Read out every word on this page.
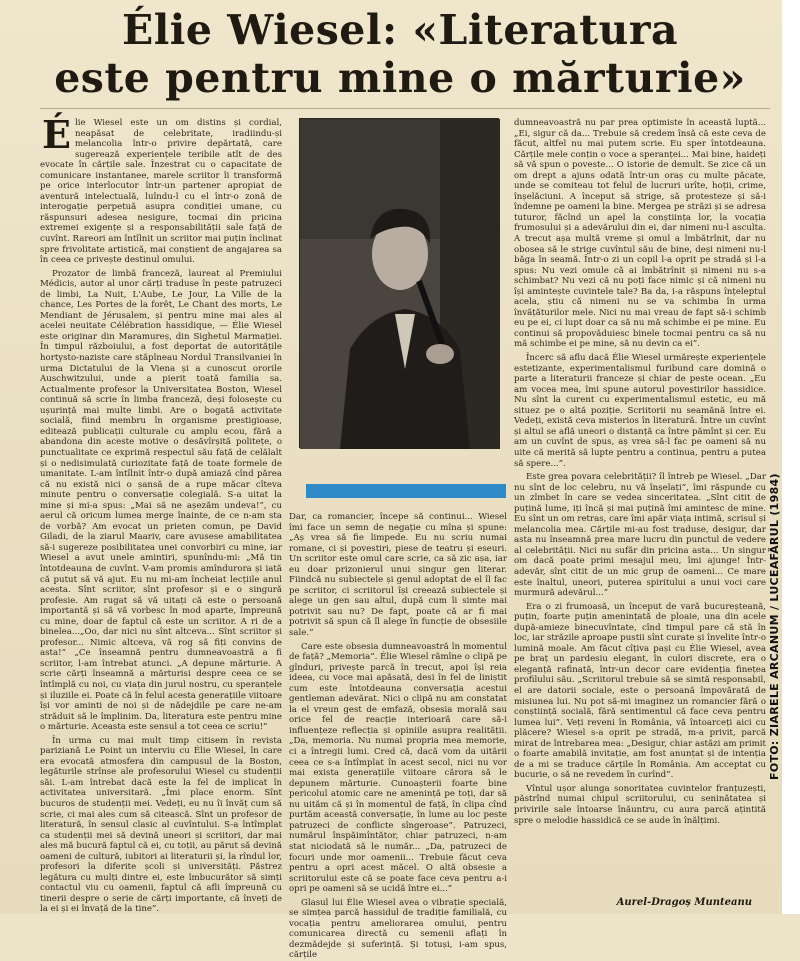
Élie Wiesel: «Literatura
este pentru mine o mărturie»

Élie Wiesel este un om distins și cordial, neapăsat de celebritate, iradiindu-și melancolia într-o privire depărtată, care sugerează experiențele teribile atît de des evocate în cărțile sale. Înzestrat cu o capacitate de comunicare instantanee, marele scriitor îi transformă pe orice interlocutor într-un partener apropiat de aventură intelectuală, luîndu-l cu el într-o zonă de interogație perpetuă asupra condiției umane, cu răspunsuri adesea nesigure, tocmai din pricina extremei exigențe și a responsabilității sale față de cuvînt. Rareori am întîlnit un scriitor mai puțin înclinat spre frivolitate artistică, mai conștient de angajarea sa în ceea ce privește destinul omului.

Prozator de limbă franceză, laureat al Premiului Médicis, autor al unor cărți traduse în peste patruzeci de limbi, La Nuit, L'Aube, Le Jour, La Ville de la chance, Les Portes de la forêt, Le Chant des morts, Le Mendiant de Jérusalem, și pentru mine mai ales al acelei neuitate Célébration hassidique, — Élie Wiesel este originar din Maramureș, din Sighetul Marmației. În timpul războiului, a fost deportat de autoritățile hortysto-naziste care stăpîneau Nordul Transilvaniei în urma Dictatului de la Viena și a cunoscut ororile Auschwitzului, unde a pierit toată familia sa. Actualmente profesor la Universitatea Boston, Wiesel continuă să scrie în limba franceză, deși folosește cu ușurință mai multe limbi. Are o bogată activitate socială, fiind membru în organisme prestigioase, editează publicații culturale cu amplu ecou, fără a abandona din aceste motive o desăvîrșită politețe, o punctualitate ce exprimă respectul său față de celălalt și o nedisimulată curiozitate față de toate formele de umanitate. L-am întîlnit într-o după amiază cînd părea că nu există nici o șansă de a rupe măcar cîteva minute pentru o conversație colegială. S-a uitat la mine și mi-a spus: „Mai să ne așezăm undeva!”, cu aerul că oricum lumea merge înainte, de ce n-am sta de vorbă? Am evocat un prieten comun, pe David Giladi, de la ziarul Maariv, care avusese amabilitatea să-i sugereze posibilitatea unei convorbiri cu mine, iar Wiesel a avut unele amintiri, spunîndu-mi: „Mă tin întotdeauna de cuvînt. V-am promis amîndurora și iată că putut să vă ajut. Eu nu mi-am încheiat lecțiile anul acesta. Sînt scriitor, sînt profesor și e o singură profesie. Am rugat să vă uitați că este o persoană importantă și să vă vorbesc în mod aparte, împreună cu mine, doar de faptul că este un scriitor. A ri de a bineleа...„Oo, dar nici nu sînt altceva... Sînt scriitor și profesor... Nimic altceva, vă rog să fiți convins de asta!” „Ce înseamnă pentru dumneavoastră a fi scriitor, l-am întrebat atunci. „A depune mărturie. A scrie cărți înseamnă a mărturisi despre ceea ce se întîmplă cu noi, cu viața din jurul nostru, cu speranțele și iluziile ei. Poate că în felul acesta generațiile viitoare își vor aminti de noi și de nădejdile pe care ne-am străduit să le împlinim. Da, literatura este pentru mine o mărturie. Aceasta este sensul a tot ceea ce scriu!”

În urma cu mai mult timp citisem în revista pariziană Le Point un interviu cu Élie Wiesel, în care era evocată atmosfera din campusul de la Boston, legăturile strînse ale profesorului Wiesel cu studenții săi. L-am întrebat dacă este la fel de implicat în activitatea universitară. „Îmi place enorm. Sînt bucuros de studenții mei. Vedeți, eu nu îi învăț cum să scrie, ci mai ales cum să citească. Sînt un profesor de literatură, în sensul clasic al cuvîntului. S-a întîmplat ca studenții mei să devină uneori și scriitori, dar mai ales mă bucură faptul că ei, cu toții, au părut să devină oameni de cultură, iubitori ai literaturii și, la rîndul lor, profesori la diferite școli și universități. Păstrez legătura cu mulți dintre ei, este îmbucurător să simți contactul viu cu oamenii, faptul că afli împreună cu tinerii despre o serie de cărți importante, că înveți de la ei și ei învață de la tine”.

Dar, ca romancier, începe să continui... Wiesel îmi face un semn de negație cu mîna și spune: „Aș vrea să fie limpede. Eu nu scriu numai romane, ci și povestiri, piese de teatru și eseuri. Un scriitor este omul care scrie, ca să zic așa, iar eu doar prizonierul unui singur gen literar. Fiindcă nu subiectele și genul adoptat de el îl fac pe scriitor, ci scriitorul își creează subiectele și alege un gen sau altul, după cum îi simte mai potrivit sau nu? De fapt, poate că ar fi mai potrivit să spun că îl alege în funcție de obsesiile sale.”

Care este obsesia dumneavoastră în momentul de față? „Memoria”. Élie Wiesel rămîne o clipă pe gînduri, privește parcă în trecut, apoi își reia ideea, cu voce mai apăsată, desi în fel de liniștit cum este întotdeauna conversația acestui gentleman adevărat. Nici o clipă nu am constatat la el vreun gest de emfază, obsesia morală sau orice fel de reacție interioară care să-i influențeze reflecția și opiniile asupra realității. „Da, memoria. Nu numai propria mea memorie, ci a întregii lumi. Cred că, dacă vom da uitării ceea ce s-a întîmplat în acest secol, nici nu vor mai exista generațiile viitoare cărora să le depunem mărturie. Cunoașterii foarte bine pericolul atomic care ne amenință pe toți, dar să nu uităm că și în momentul de față, în clipa cînd purtăm această conversație, în lume au loc peste patruzeci de conflicte sîngeroase”. Patruzeci, numărul înspăimîntător, chiar patruzeci, n-am stat niciodată să le număr... „Da, patruzeci de focuri unde mor oamenii... Trebuie făcut ceva pentru a opri acest măcel. O altă obsesie a scriitorului este că se poate face ceva pentru a-i opri pe oameni să se ucidă între ei...”

Glasul lui Élie Wiesel avea o vibrație specială, se simțea parcă hassidul de tradiție familială, cu vocația pentru ameliorarea omului, pentru comunicarea directă cu semenii aflați în dezmădejde și suferință. Și totuși, i-am spus, cărțile

dumneavoastră nu par prea optimiste în această luptă... „Ei, sigur că da... Trebuie să credem însă că este ceva de făcut, altfel nu mai putem scrie. Eu sper întotdeauna. Cărțile mele conțin o voce a speranței... Mai bine, haideți să vă spun o poveste... O istorie de demult. Se zice că un om drept a ajuns odată într-un oraș cu multe păcate, unde se comiteau tot felul de lucruri urîte, hoții, crime, înșelăciuni. A început să strige, să protesteze și să-i îndemne pe oameni la bine. Mergea pe străzi și se adresa tuturor, făcînd un apel la conștiința lor, la vocația frumosului și a adevărului din ei, dar nimeni nu-l asculta. A trecut așa multă vreme și omul a îmbătrînit, dar nu obosea să le strige cuvîntul său de bine, deși nimeni nu-l băga în seamă. Într-o zi un copil l-a oprit pe stradă și l-a spus: Nu vezi omule că ai îmbătrînit și nimeni nu s-a schimbat? Nu vezi că nu poți face nimic și că nimeni nu își amintește cuvintele tale? Ba da, i-a răspuns înțeleptul acela, știu că nimeni nu se va schimba în urma învățăturilor mele. Nici nu mai vreau de fapt să-i schimb eu pe ei, ci lupt doar ca să nu mă schimbe ei pe mine. Eu continui să propovăduiesc binele tocmai pentru ca să nu mă schimbe ei pe mine, să nu devin ca ei”.

Încerc să aflu dacă Élie Wiesel urmărește experiențele estetizante, experimentalismul furibund care domină o parte a literaturii franceze și chiar de peste ocean. „Eu am vocea mea, îmi spune autorul povestirilor hassidice. Nu sînt la curent cu experimentalismul estetic, eu mă situez pe o altă poziție. Scriitorii nu seamănă între ei. Vedeți, există ceva misterios în literatură. Între un cuvînt și altul se află uneori o distanță ca între pămînt și cer. Eu am un cuvînt de spus, aș vrea să-l fac pe oameni să nu uite că merită să lupte pentru a continua, pentru a putea să spere...”.

Este grea povara celebrității? îl întreb pe Wiesel. „Dar nu sînt de loc celebru, nu vă înșelați”, îmi răspunde cu un zîmbet în care se vedea sinceritatea. „Sînt citit de puțină lume, iți încă și mai puțină îmi amintesc de mine. Eu sînt un om retras, care îmi apăr viața intimă, scrisul și melancolia mea. Cărțile mi-au fost traduse, desigur, dar asta nu înseamnă prea mare lucru din punctul de vedere al celebrității. Nici nu sufăr din pricina asta... Un singur om dacă poate primi mesajul meu, îmi ajunge! Într-adevăr, sînt citit de un mic grup de oameni... Ce mare este înaltul, uneori, puterea spiritului a unui voci care murmură adevărul...”

Era o zi frumoasă, un început de vară bucureșteană, puțin, foarte puțin amenințată de ploaie, una din acele după-amieze binecuvîntate, cînd timpul pare că stă în loc, iar străzile aproape pustii sînt curate și învelite într-o lumină moale. Am făcut cîțiva pași cu Élie Wiesel, avea pe braț un pardesiu elegant, în culori discrete, era o eleganță rafinată, într-un decor care evidenția finețea profilului său. „Scriitorul trebuie să se simtă responsabil, el are datorii sociale, este o persoană împovărată de misiunea lui. Nu pot să-mi imaginez un romancier fără o conștiință socială, fără sentimentul că face ceva pentru lumea lui”. Veți reveni în România, vă întoarceți aici cu plăcere? Wiesel s-a oprit pe stradă, m-a privit, parcă mirat de întrebarea mea: „Desigur, chiar astăzi am primit o foarte amabilă invitație, am fost anunțat și de intenția de a mi se traduce cărțile în România. Am acceptat cu bucurie, o să ne revedem în curînd”.

Vîntul ușor alunga sonoritatea cuvintelor franțuzești, păstrînd numai chipul scriitorului, cu seninătatea și privirile sale întoarse înăuntru, cu aura parcă ațintită spre o melodie hassidică ce se aude în înălțimi.

Aurel-Dragoș Munteanu
